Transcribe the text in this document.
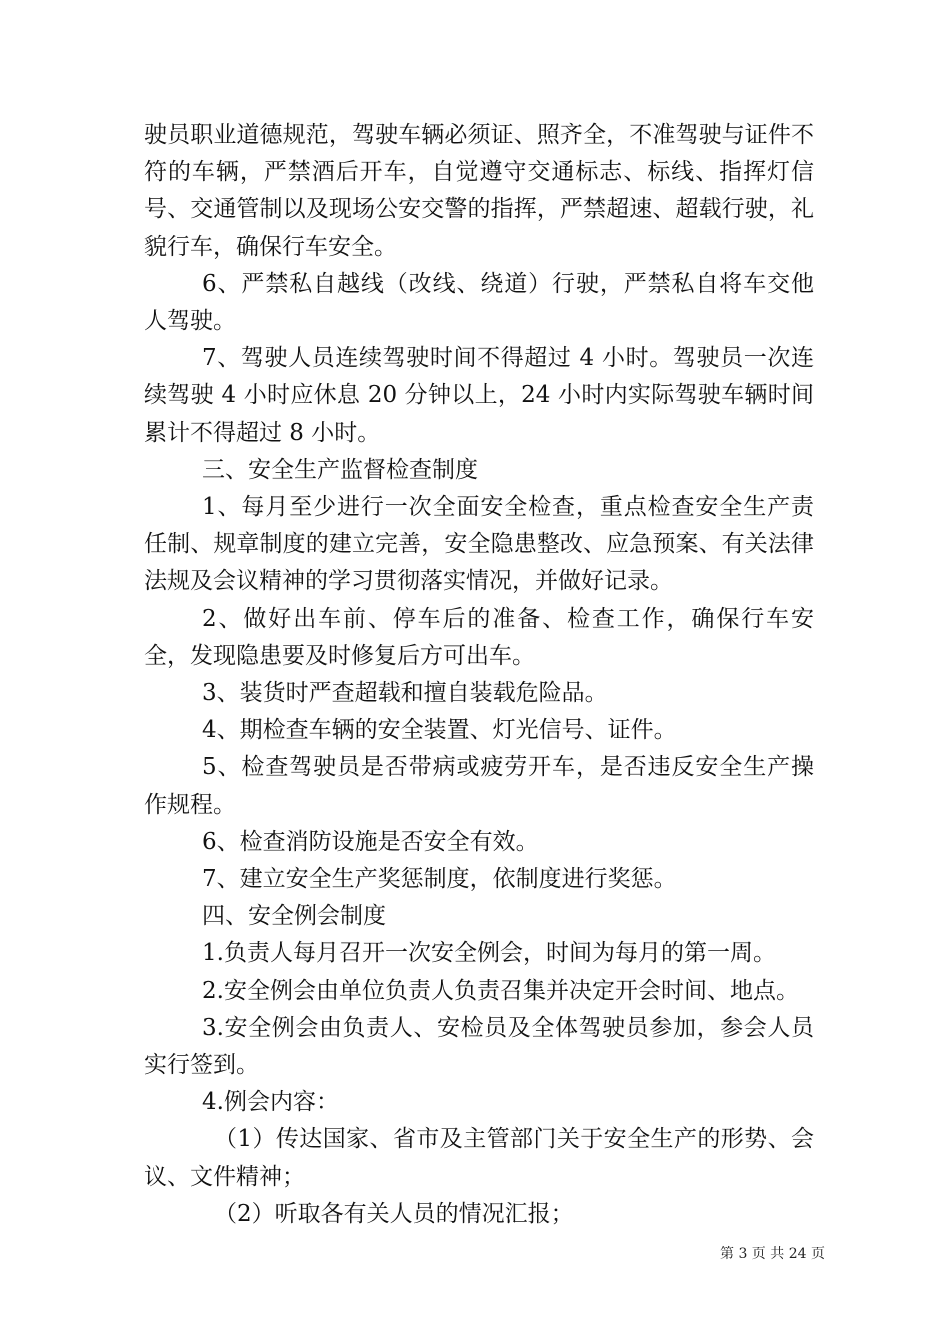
驶员职业道德规范，驾驶车辆必须证、照齐全，不准驾驶与证件不符的车辆，严禁酒后开车，自觉遵守交通标志、标线、指挥灯信号、交通管制以及现场公安交警的指挥，严禁超速、超载行驶，礼貌行车，确保行车安全。

6、严禁私自越线（改线、绕道）行驶，严禁私自将车交他人驾驶。

7、驾驶人员连续驾驶时间不得超过 4 小时。驾驶员一次连续驾驶 4 小时应休息 20 分钟以上，24 小时内实际驾驶车辆时间累计不得超过 8 小时。

三、安全生产监督检查制度

1、每月至少进行一次全面安全检查，重点检查安全生产责任制、规章制度的建立完善，安全隐患整改、应急预案、有关法律法规及会议精神的学习贯彻落实情况，并做好记录。

2、做好出车前、停车后的准备、检查工作，确保行车安全，发现隐患要及时修复后方可出车。

3、装货时严查超载和擅自装载危险品。

4、期检查车辆的安全装置、灯光信号、证件。

5、检查驾驶员是否带病或疲劳开车，是否违反安全生产操作规程。

6、检查消防设施是否安全有效。

7、建立安全生产奖惩制度，依制度进行奖惩。

四、安全例会制度

1.负责人每月召开一次安全例会，时间为每月的第一周。

2.安全例会由单位负责人负责召集并决定开会时间、地点。

3.安全例会由负责人、安检员及全体驾驶员参加，参会人员实行签到。

4.例会内容：

（1）传达国家、省市及主管部门关于安全生产的形势、会议、文件精神；

（2）听取各有关人员的情况汇报；

第 3 页 共 24 页
